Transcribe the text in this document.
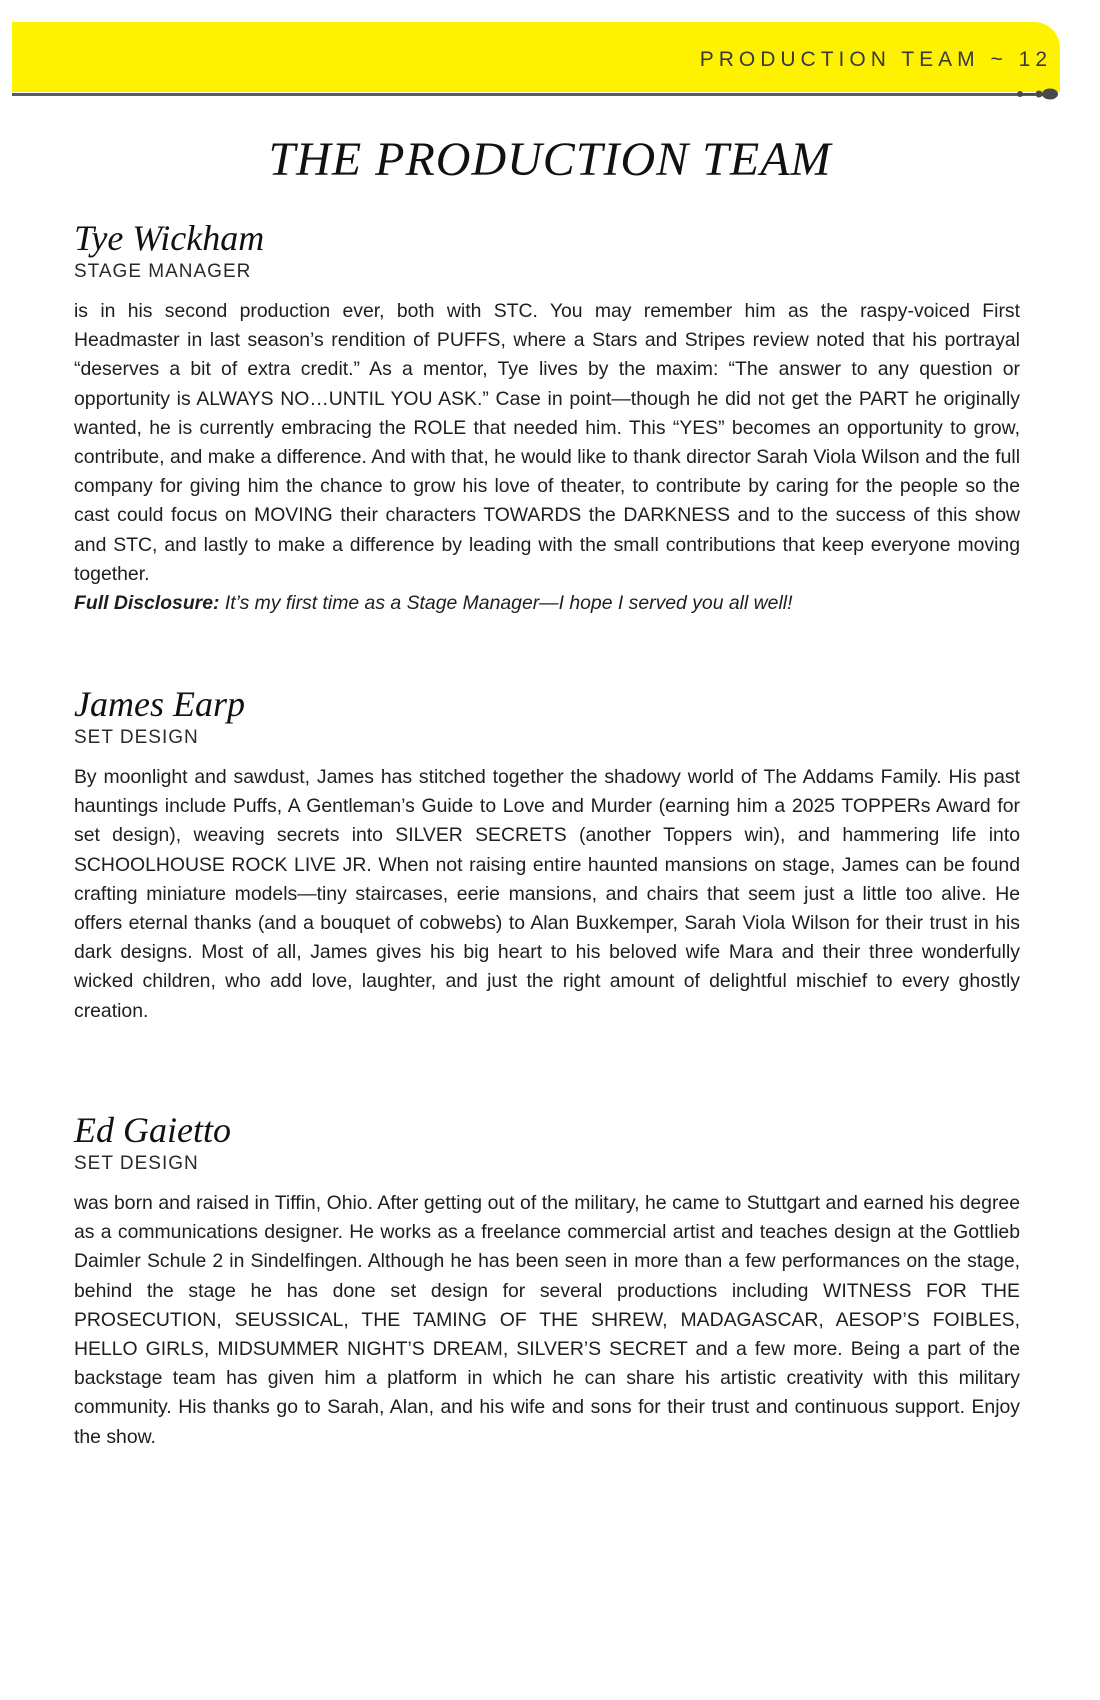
PRODUCTION TEAM ~ 12
THE PRODUCTION TEAM
Tye Wickham
STAGE MANAGER

is in his second production ever, both with STC. You may remember him as the raspy-voiced First Headmaster in last season’s rendition of PUFFS, where a Stars and Stripes review noted that his portrayal “deserves a bit of extra credit.” As a mentor, Tye lives by the maxim: “The answer to any question or opportunity is ALWAYS NO…UNTIL YOU ASK.” Case in point—though he did not get the PART he originally wanted, he is currently embracing the ROLE that needed him. This “YES” becomes an opportunity to grow, contribute, and make a difference. And with that, he would like to thank director Sarah Viola Wilson and the full company for giving him the chance to grow his love of theater, to contribute by caring for the people so the cast could focus on MOVING their characters TOWARDS the DARKNESS and to the success of this show and STC, and lastly to make a difference by leading with the small contributions that keep everyone moving together.

Full Disclosure: It’s my first time as a Stage Manager—I hope I served you all well!

James Earp
SET DESIGN

By moonlight and sawdust, James has stitched together the shadowy world of The Addams Family. His past hauntings include Puffs, A Gentleman’s Guide to Love and Murder (earning him a 2025 TOPPERs Award for set design), weaving secrets into SILVER SECRETS (another Toppers win), and hammering life into SCHOOLHOUSE ROCK LIVE JR. When not raising entire haunted mansions on stage, James can be found crafting miniature models—tiny staircases, eerie mansions, and chairs that seem just a little too alive. He offers eternal thanks (and a bouquet of cobwebs) to Alan Buxkemper, Sarah Viola Wilson for their trust in his dark designs. Most of all, James gives his big heart to his beloved wife Mara and their three wonderfully wicked children, who add love, laughter, and just the right amount of delightful mischief to every ghostly creation.

Ed Gaietto
SET DESIGN

was born and raised in Tiffin, Ohio. After getting out of the military, he came to Stuttgart and earned his degree as a communications designer. He works as a freelance commercial artist and teaches design at the Gottlieb Daimler Schule 2 in Sindelfingen. Although he has been seen in more than a few performances on the stage, behind the stage he has done set design for several productions including WITNESS FOR THE PROSECUTION, SEUSSICAL, THE TAMING OF THE SHREW, MADAGASCAR, AESOP’S FOIBLES, HELLO GIRLS, MIDSUMMER NIGHT’S DREAM, SILVER’S SECRET and a few more. Being a part of the backstage team has given him a platform in which he can share his artistic creativity with this military community. His thanks go to Sarah, Alan, and his wife and sons for their trust and continuous support. Enjoy the show.
